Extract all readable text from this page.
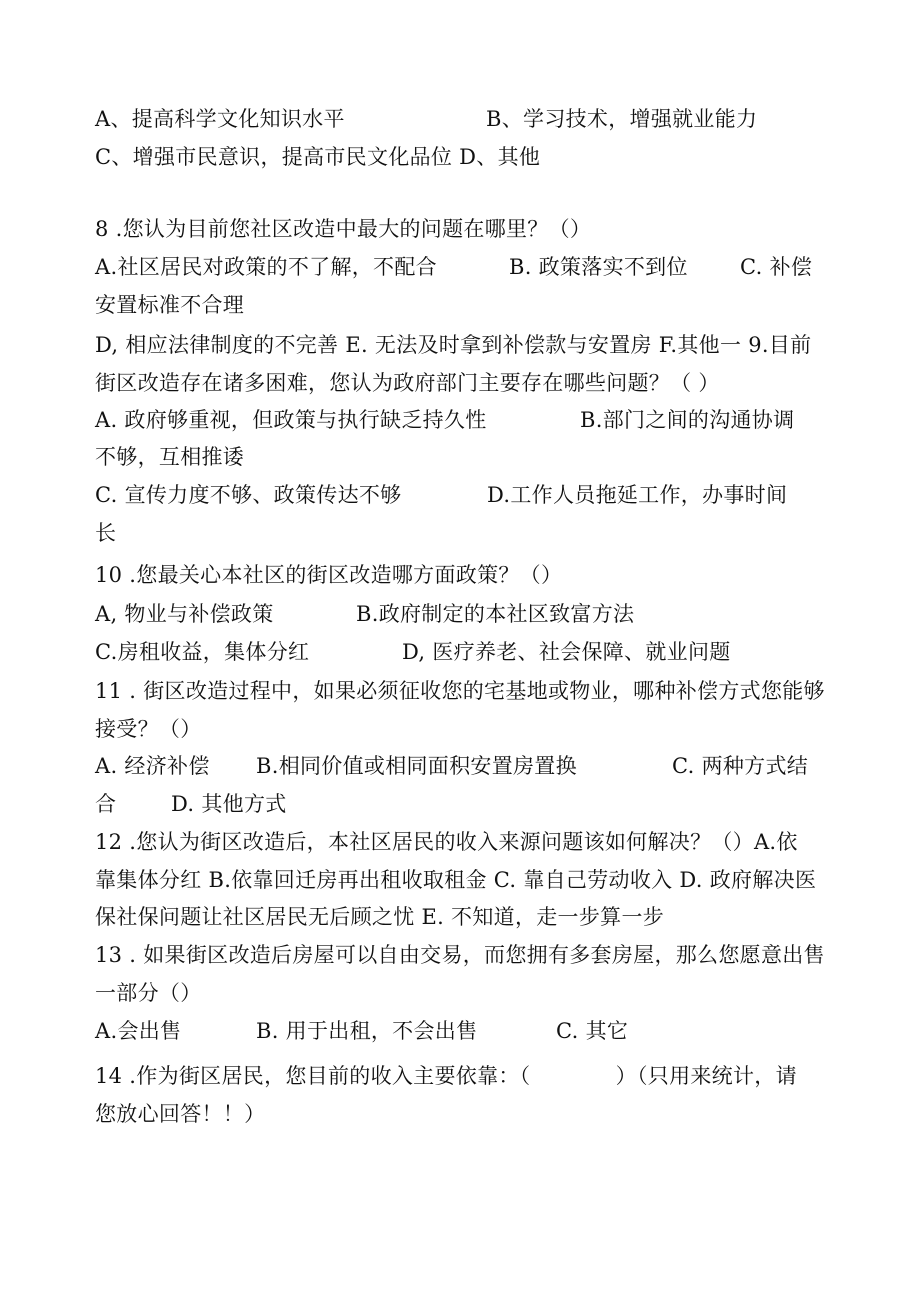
A、提高科学文化知识水平	B、学习技术，增强就业能力
C、增强市民意识，提高市民文化品位 D、其他
8 .您认为目前您社区改造中最大的问题在哪里？（）
A.社区居民对政策的不了解，不配合	B. 政策落实不到位 C. 补偿
安置标准不合理
D, 相应法律制度的不完善 E. 无法及时拿到补偿款与安置房 F.其他一 9.目前
街区改造存在诸多困难，您认为政府部门主要存在哪些问题？（ ）
A. 政府够重视，但政策与执行缺乏持久性	B.部门之间的沟通协调
不够，互相推诿
C. 宣传力度不够、政策传达不够	D.工作人员拖延工作，办事时间
长
10 .您最关心本社区的街区改造哪方面政策？（）
A, 物业与补偿政策	B.政府制定的本社区致富方法
C.房租收益，集体分红	D, 医疗养老、社会保障、就业问题
11 . 街区改造过程中，如果必须征收您的宅基地或物业，哪种补偿方式您能够
接受？（）
A. 经济补偿 B.相同价值或相同面积安置房置换	C. 两种方式结
合	D. 其他方式
12 .您认为街区改造后，本社区居民的收入来源问题该如何解决？（）A.依
靠集体分红 B.依靠回迁房再出租收取租金 C. 靠自己劳动收入 D. 政府解决医
保社保问题让社区居民无后顾之忧 E. 不知道，走一步算一步
13 . 如果街区改造后房屋可以自由交易，而您拥有多套房屋，那么您愿意出售
一部分（）
A.会出售	B. 用于出租，不会出售	C. 其它
14 .作为街区居民，您目前的收入主要依靠：（　　　　）（只用来统计，请
您放心回答！！）
